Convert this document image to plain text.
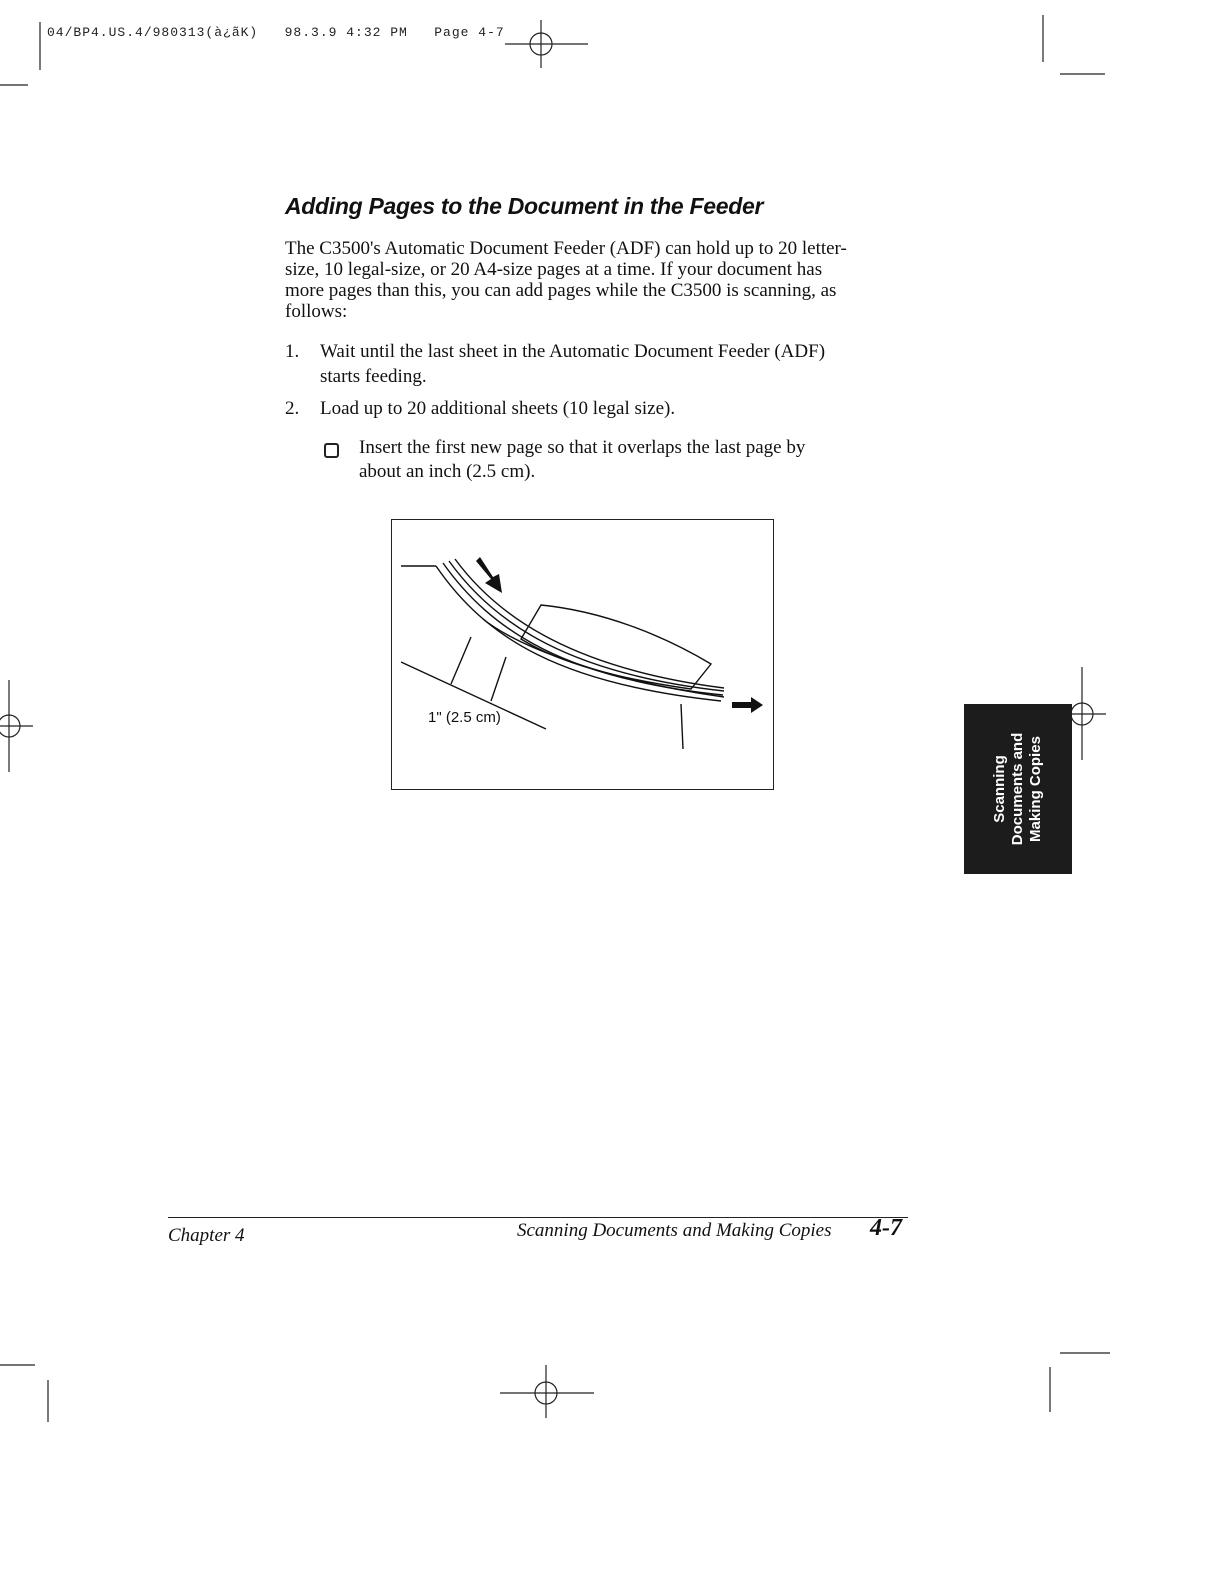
04/BP4.US.4/980313(à¿ãK)   98.3.9 4:32 PM   Page 4-7
Adding Pages to the Document in the Feeder

The C3500's Automatic Document Feeder (ADF) can hold up to 20 letter-

size, 10 legal-size, or 20 A4-size pages at a time. If your document has

more pages than this, you can add pages while the C3500 is scanning, as

follows:

1. Wait until the last sheet in the Automatic Document Feeder (ADF)
starts feeding.
2. Load up to 20 additional sheets (10 legal size).
Insert the first new page so that it overlaps the last page by
about an inch (2.5 cm).
1" (2.5 cm)
Scanning Documents and Making Copies
Chapter 4	Scanning Documents and Making Copies 4-7
